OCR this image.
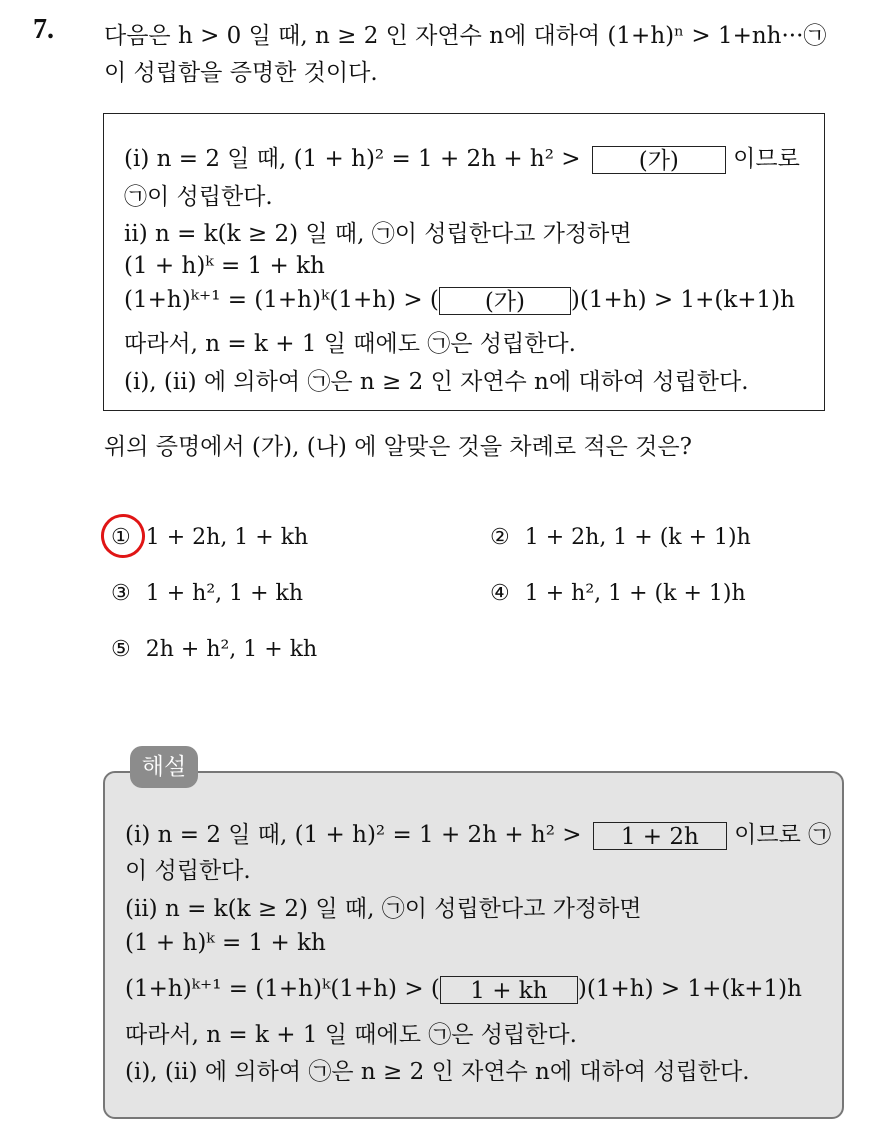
7. 다음은 h > 0 일 때, n ≥ 2 인 자연수 n에 대하여 (1+h)ⁿ > 1+nh···㉠
이 성립함을 증명한 것이다.
(i) n = 2 일 때, (1 + h)² = 1 + 2h + h² >	(가) 이므로
㉠이 성립한다.
ii) n = k(k ≥ 2) 일 때, ㉠이 성립한다고 가정하면
(1 + h)ᵏ = 1 + kh
(1+h)ᵏ⁺¹ = (1+h)ᵏ(1+h) > ( (가) )(1+h) > 1+(k+1)h
따라서, n = k + 1 일 때에도 ㉠은 성립한다.
(i), (ii) 에 의하여 ㉠은 n ≥ 2 인 자연수 n에 대하여 성립한다.
위의 증명에서 (가), (나) 에 알맞은 것을 차례로 적은 것은?
① 1 + 2h, 1 + kh	② 1 + 2h, 1 + (k + 1)h
③ 1 + h², 1 + kh	④ 1 + h², 1 + (k + 1)h
⑤ 2h + h², 1 + kh
해설
(i) n = 2 일 때, (1 + h)² = 1 + 2h + h² > 1 + 2h 이므로 ㉠
이 성립한다.
(ii) n = k(k ≥ 2) 일 때, ㉠이 성립한다고 가정하면
(1 + h)ᵏ = 1 + kh
(1+h)ᵏ⁺¹ = (1+h)ᵏ(1+h) > ( 1 + kh )(1+h) > 1+(k+1)h
따라서, n = k + 1 일 때에도 ㉠은 성립한다.
(i), (ii) 에 의하여 ㉠은 n ≥ 2 인 자연수 n에 대하여 성립한다.
